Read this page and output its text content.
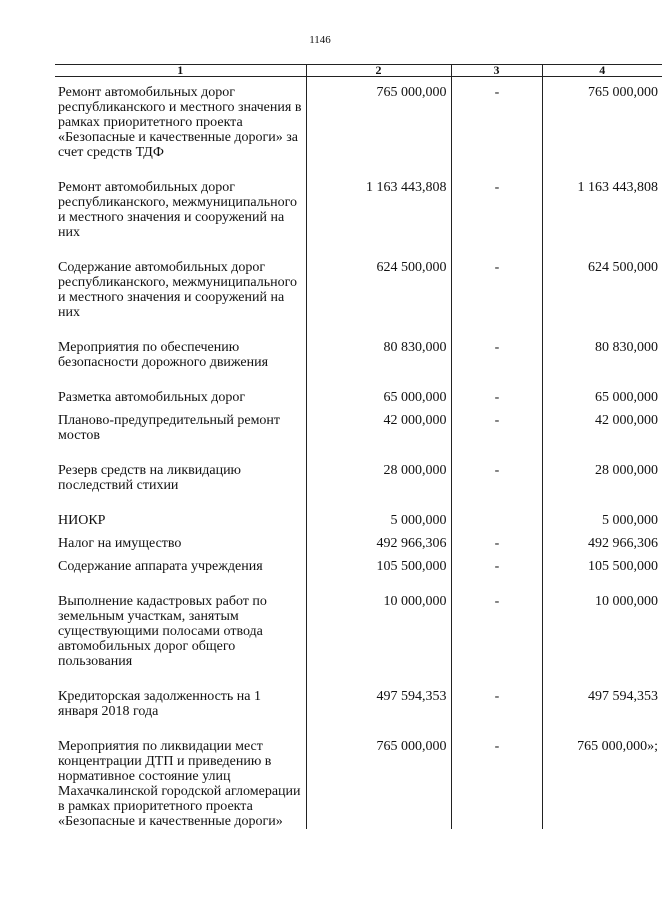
1146
1	2	3	4

Ремонт автомобильных дорог республиканского и местного значения в рамках приоритетного проекта «Безопасные и качественные дороги» за счет средств ТДФ	765 000,000	-	765 000,000

Ремонт автомобильных дорог республиканского, межмуниципального и местного значения и сооружений на них	1 163 443,808	-	1 163 443,808

Содержание автомобильных дорог республиканского, межмуниципального и местного значения и сооружений на них	624 500,000	-	624 500,000

Мероприятия по обеспечению безопасности дорожного движения	80 830,000	-	80 830,000

Разметка автомобильных дорог	65 000,000	-	65 000,000

Планово-предупредительный ремонт мостов	42 000,000	-	42 000,000

Резерв средств на ликвидацию последствий стихии	28 000,000	-	28 000,000

НИОКР	5 000,000		5 000,000

Налог на имущество	492 966,306	-	492 966,306

Содержание аппарата учреждения	105 500,000	-	105 500,000

Выполнение кадастровых работ по земельным участкам, занятым существующими полосами отвода автомобильных дорог общего пользования	10 000,000	-	10 000,000

Кредиторская задолженность на 1 января 2018 года	497 594,353	-	497 594,353

Мероприятия по ликвидации мест концентрации ДТП и приведению в нормативное состояние улиц Махачкалинской городской агломерации в рамках приоритетного проекта «Безопасные и качественные дороги»	765 000,000	-	765 000,000»;
